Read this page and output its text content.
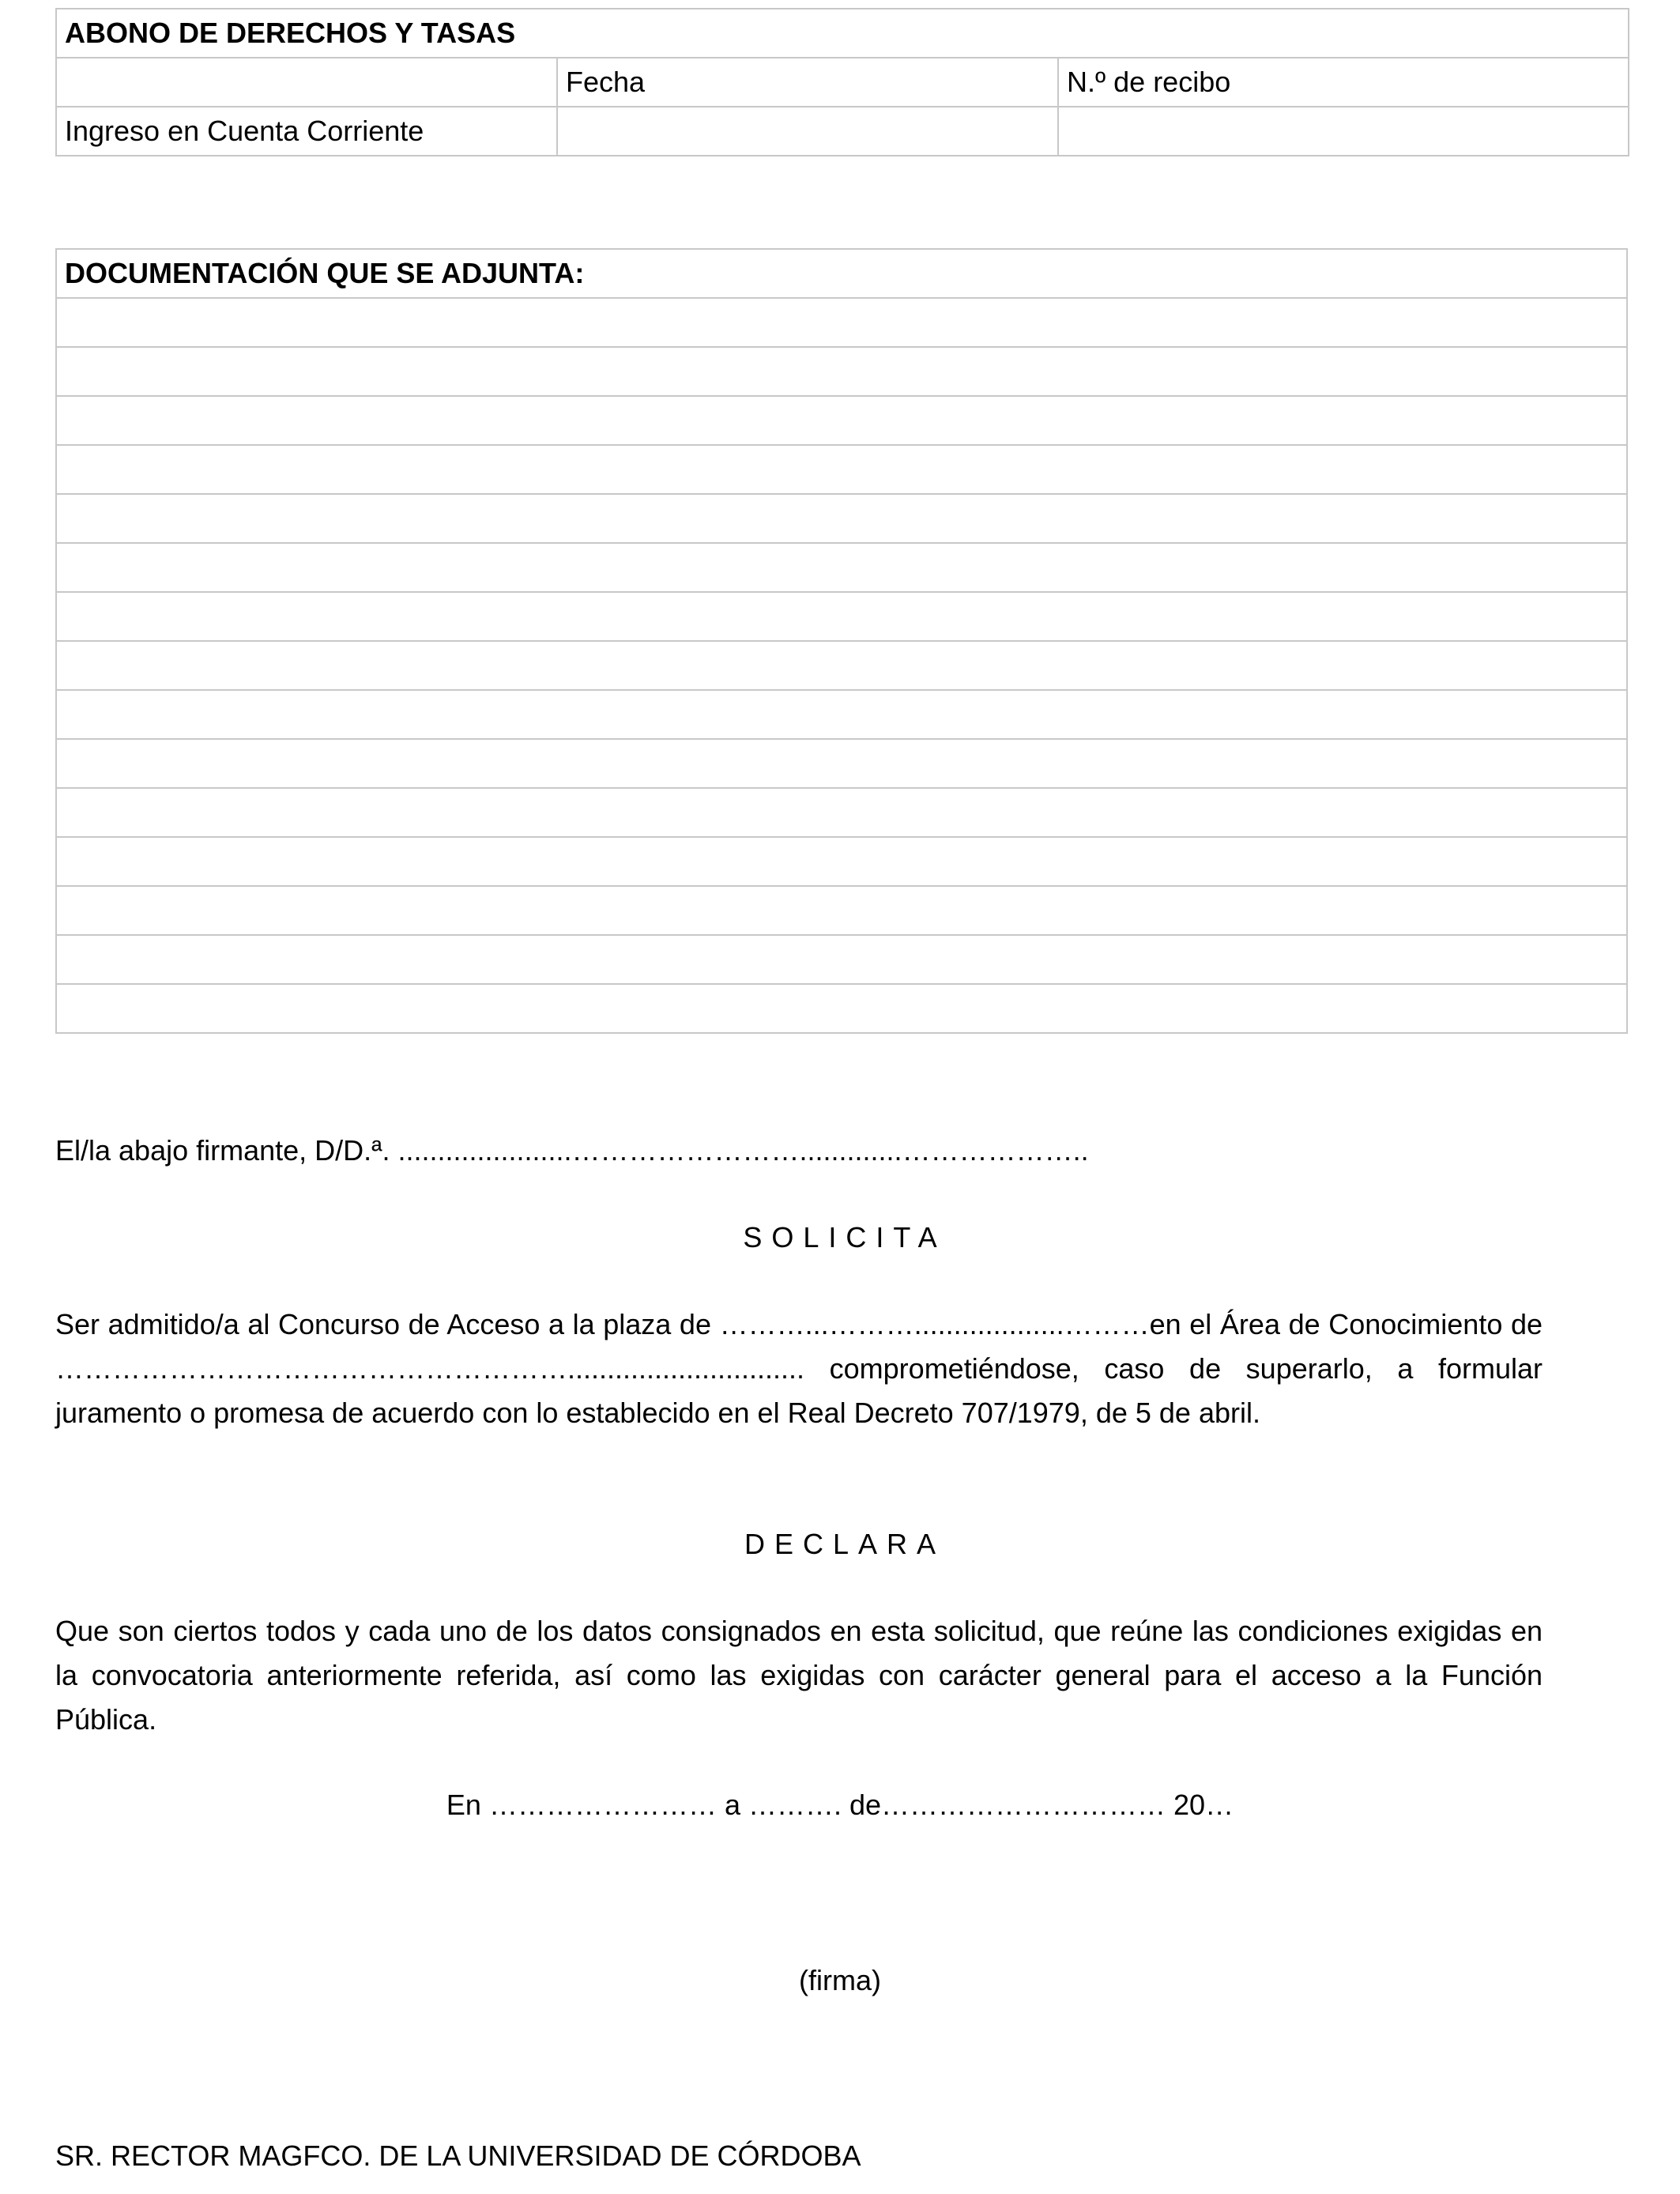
ABONO DE DERECHOS Y TASAS		
	Fecha	N.º de recibo
Ingreso en Cuenta Corriente		
DOCUMENTACIÓN QUE SE ADJUNTA:

El/la abajo firmante, D/D.ª. ......................…………………….............………………..
SOLICITA
Ser admitido/a al Concurso de Acceso a la plaza de ………...………...................………en el Área de Conocimiento de ……………………………………………….............................. comprometiéndose, caso de superarlo, a formular juramento o promesa de acuerdo con lo establecido en el Real Decreto 707/1979, de 5 de abril.
DECLARA
Que son ciertos todos y cada uno de los datos consignados en esta solicitud, que reúne las condiciones exigidas en la convocatoria anteriormente referida, así como las exigidas con carácter general para el acceso a la Función Pública.
En …………………… a ………. de………………………… 20…
(firma)
SR. RECTOR MAGFCO. DE LA UNIVERSIDAD DE CÓRDOBA
